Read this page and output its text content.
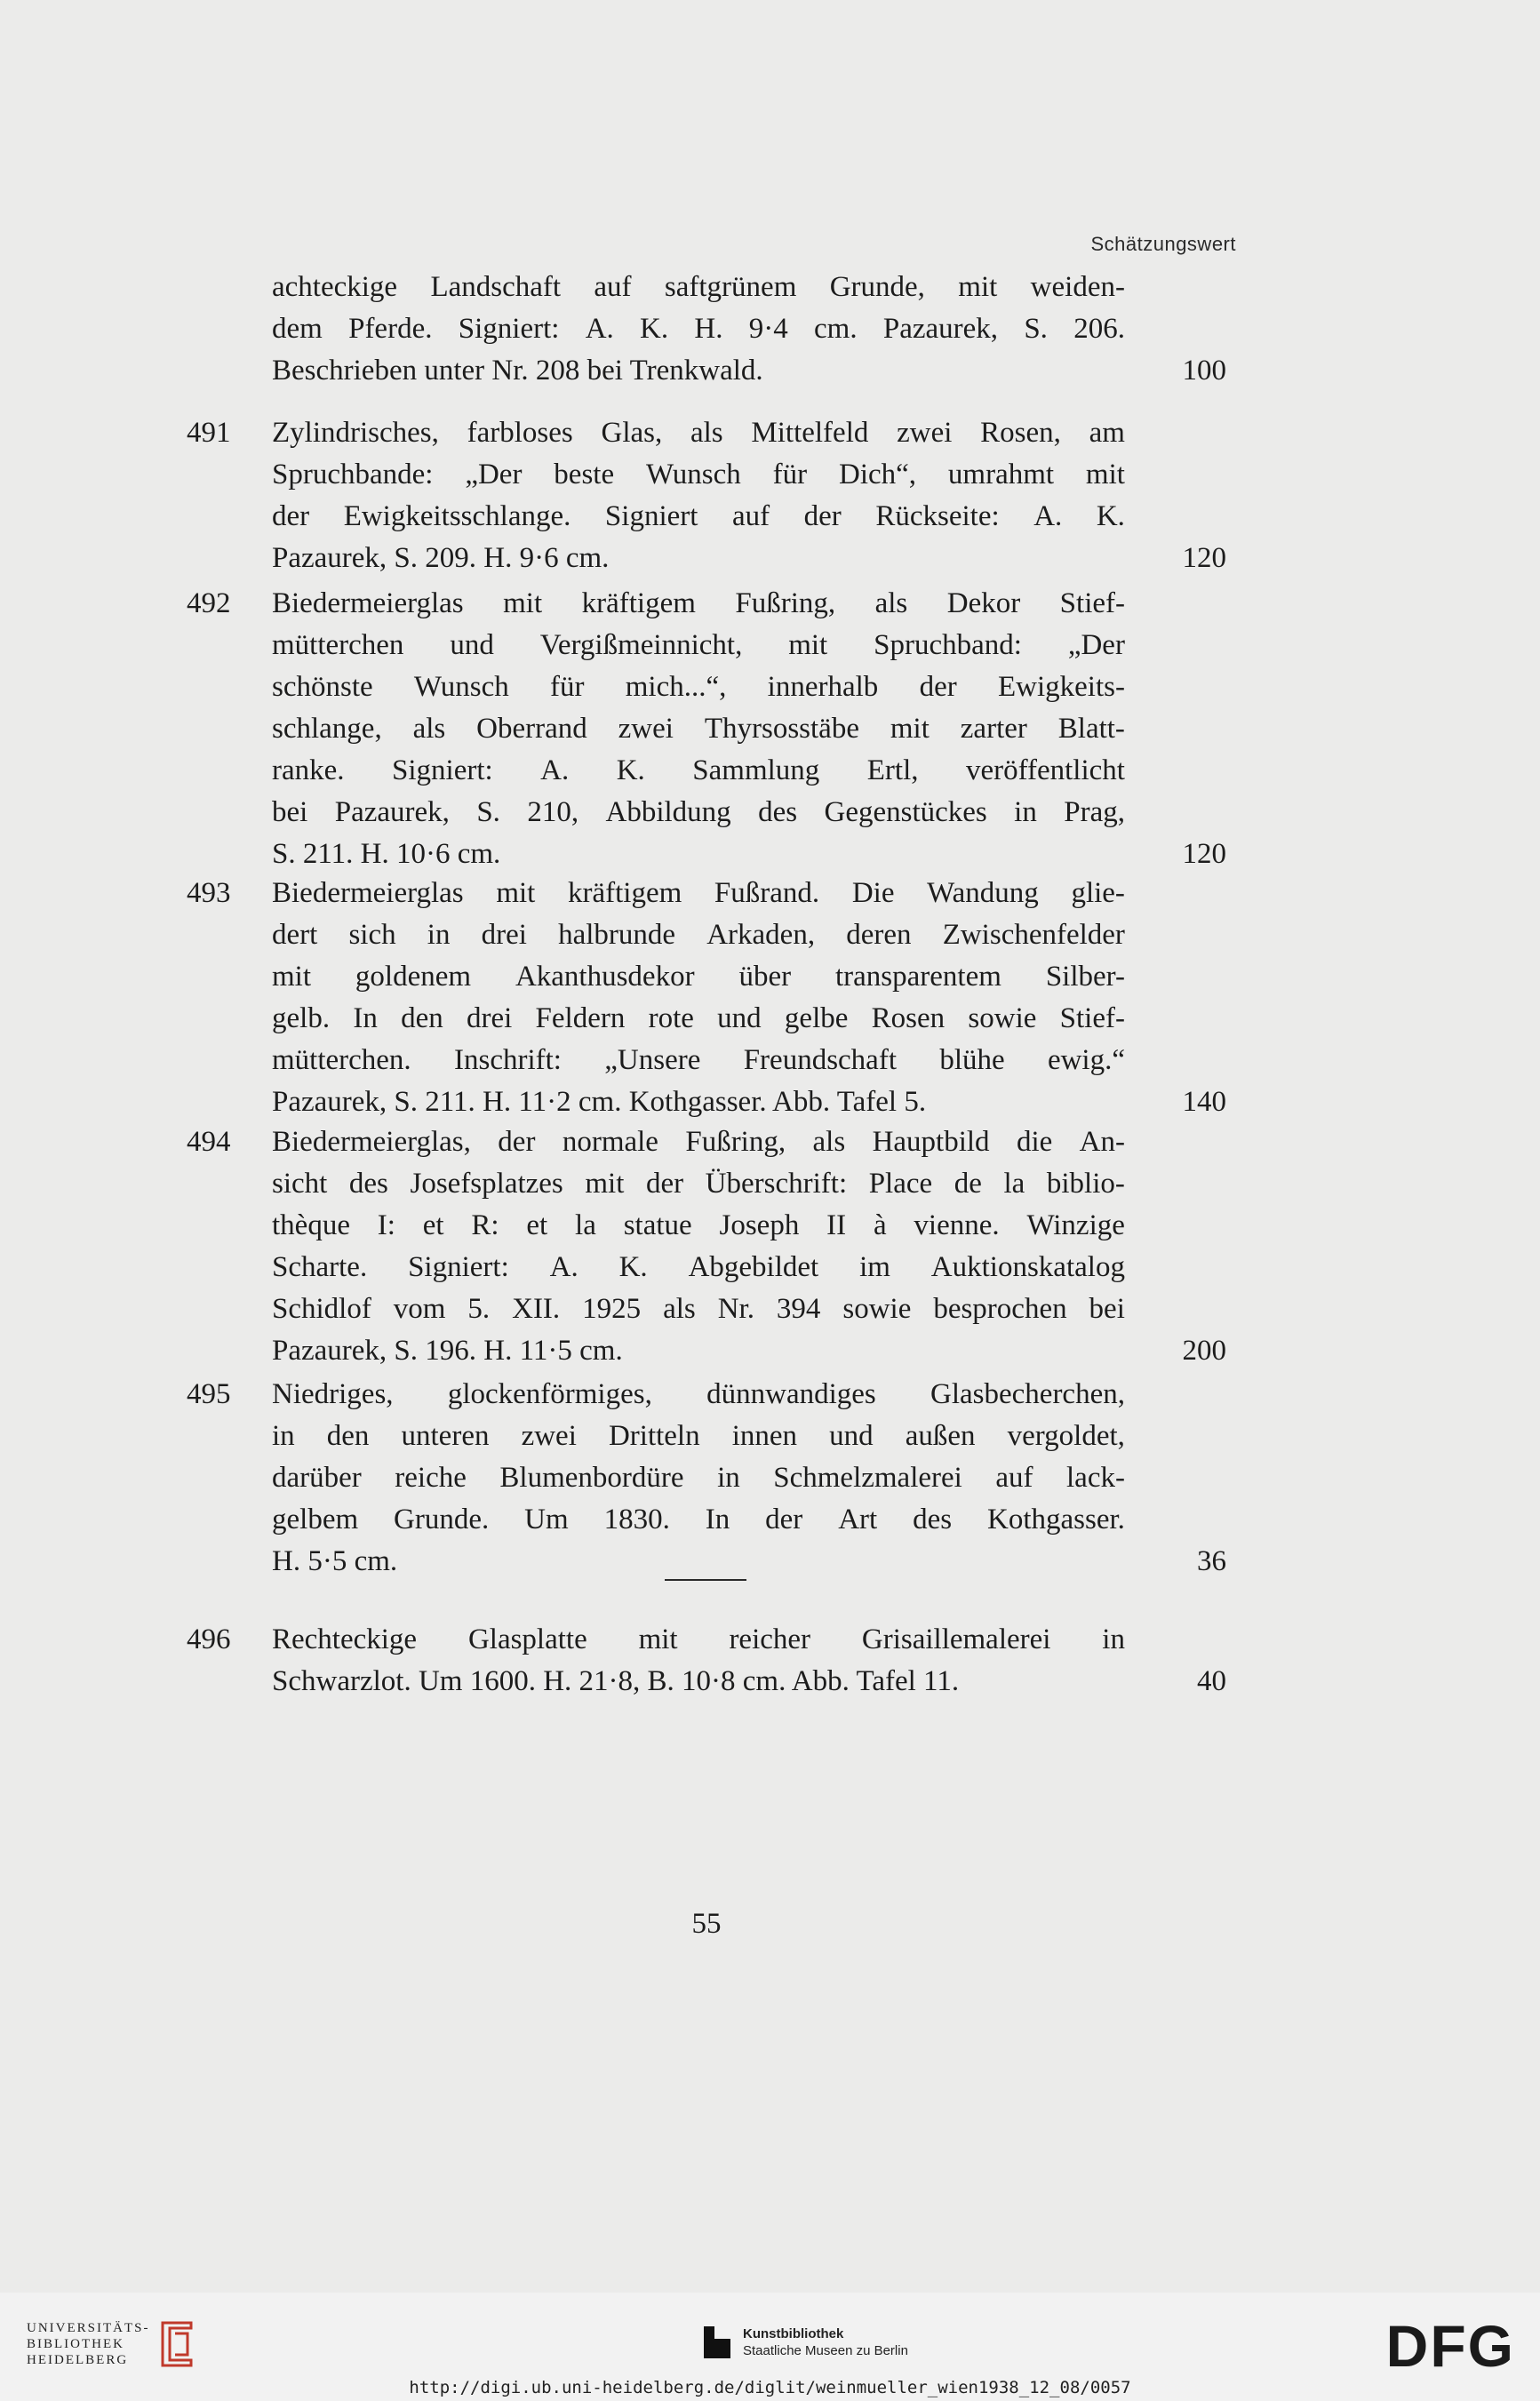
Schätzungswert
achteckige Landschaft auf saftgrünem Grunde, mit weiden-
dem Pferde. Signiert: A. K. H. 9·4 cm. Pazaurek, S. 206.
Beschrieben unter Nr. 208 bei Trenkwald.	100
491	Zylindrisches, farbloses Glas, als Mittelfeld zwei Rosen, am
Spruchbande: „Der beste Wunsch für Dich“, umrahmt mit
der Ewigkeitsschlange. Signiert auf der Rückseite: A. K.
Pazaurek, S. 209. H. 9·6 cm.	120
492	Biedermeierglas mit kräftigem Fußring, als Dekor Stief-
mütterchen und Vergißmeinnicht, mit Spruchband: „Der
schönste Wunsch für mich...“, innerhalb der Ewigkeits-
schlange, als Oberrand zwei Thyrsosstäbe mit zarter Blatt-
ranke. Signiert: A. K. Sammlung Ertl, veröffentlicht
bei Pazaurek, S. 210, Abbildung des Gegenstückes in Prag,
S. 211. H. 10·6 cm.	120
493	Biedermeierglas mit kräftigem Fußrand. Die Wandung glie-
dert sich in drei halbrunde Arkaden, deren Zwischenfelder
mit goldenem Akanthusdekor über transparentem Silber-
gelb. In den drei Feldern rote und gelbe Rosen sowie Stief-
mütterchen. Inschrift: „Unsere Freundschaft blühe ewig.“
Pazaurek, S. 211. H. 11·2 cm. Kothgasser. Abb. Tafel 5.	140
494	Biedermeierglas, der normale Fußring, als Hauptbild die An-
sicht des Josefsplatzes mit der Überschrift: Place de la biblio-
thèque I: et R: et la statue Joseph II à vienne. Winzige
Scharte. Signiert: A. K. Abgebildet im Auktionskatalog
Schidlof vom 5. XII. 1925 als Nr. 394 sowie besprochen bei
Pazaurek, S. 196. H. 11·5 cm.	200
495	Niedriges, glockenförmiges, dünnwandiges Glasbecherchen,
in den unteren zwei Dritteln innen und außen vergoldet,
darüber reiche Blumenbordüre in Schmelzmalerei auf lack-
gelbem Grunde. Um 1830. In der Art des Kothgasser.
H. 5·5 cm.	36
496	Rechteckige Glasplatte mit reicher Grisaillemalerei in
Schwarzlot. Um 1600. H. 21·8, B. 10·8 cm. Abb. Tafel 11.	40
55
UNIVERSITÄTS-
BIBLIOTHEK
HEIDELBERG
Kunstbibliothek
Staatliche Museen zu Berlin	DFG
http://digi.ub.uni-heidelberg.de/diglit/weinmueller_wien1938_12_08/0057
